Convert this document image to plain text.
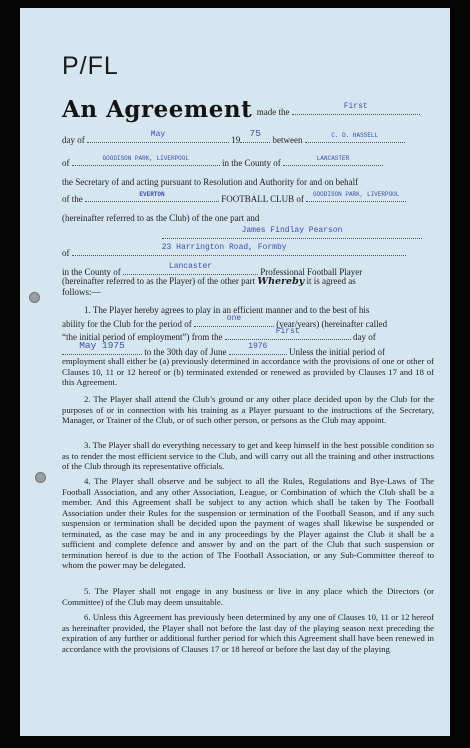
P/FL
An Agreement made the
First
day of
May
19
75
between	C. D. HASSELL
of	GOODISON PARK, LIVERPOOL	in the County of	LANCASTER
the Secretary of and acting pursuant to Resolution and Authority for and on behalf
of the	EVERTON	FOOTBALL CLUB of	GOODISON PARK, LIVERPOOL
(hereinafter referred to as the Club) of the one part and
James Findlay Pearson
of
23 Harrington Road, Formby
in the County of
Lancaster
Professional Football Player
(hereinafter referred to as the Player) of the other part Whereby it is agreed as
follows:—
1. The Player hereby agrees to play in an efficient manner and to the best of his
ability for the Club for the period of
one
(year/years) (hereinafter called
“the initial period of employment”) from the
First
day of
May 1975
to the 30th day of June
1976
Unless the initial period of
employment shall either be (a) previously determined in accordance with the provisions of one or other of Clauses 10, 11 or 12 hereof or (b) terminated extended or renewed as provided by Clauses 17 and 18 of this Agreement.
2. The Player shall attend the Club’s ground or any other place decided upon by the Club for the purposes of or in connection with his training as a Player pursuant to the instructions of the Secretary, Manager, or Trainer of the Club, or of such other person, or persons as the Club may appoint.
3. The Player shall do everything necessary to get and keep himself in the best possible condition so as to render the most efficient service to the Club, and will carry out all the training and other instructions of the Club through its representative officials.
4. The Player shall observe and be subject to all the Rules, Regulations and Bye-Laws of The Football Association, and any other Association, League, or Combination of which the Club shall be a member. And this Agreement shall be subject to any action which shall be taken by The Football Association under their Rules for the suspension or termination of the Football Season, and if any such suspension or termination shall be decided upon the payment of wages shall likewise be suspended or terminated, as the case may be and in any proceedings by the Player against the Club it shall be a sufficient and complete defence and answer by and on the part of the Club that such suspension or termination hereof is due to the action of The Football Association, or any Sub-Committee thereof to whom the power may be delegated.
5. The Player shall not engage in any business or live in any place which the Directors (or Committee) of the Club may deem unsuitable.
6. Unless this Agreement has previously been determined by any one of Clauses 10, 11 or 12 hereof as hereinafter provided, the Player shall not before the last day of the playing season next preceding the expiration of any further or additional further period for which this Agreement shall have been renewed in accordance with the provisions of Clauses 17 or 18 hereof or before the last day of the playing
